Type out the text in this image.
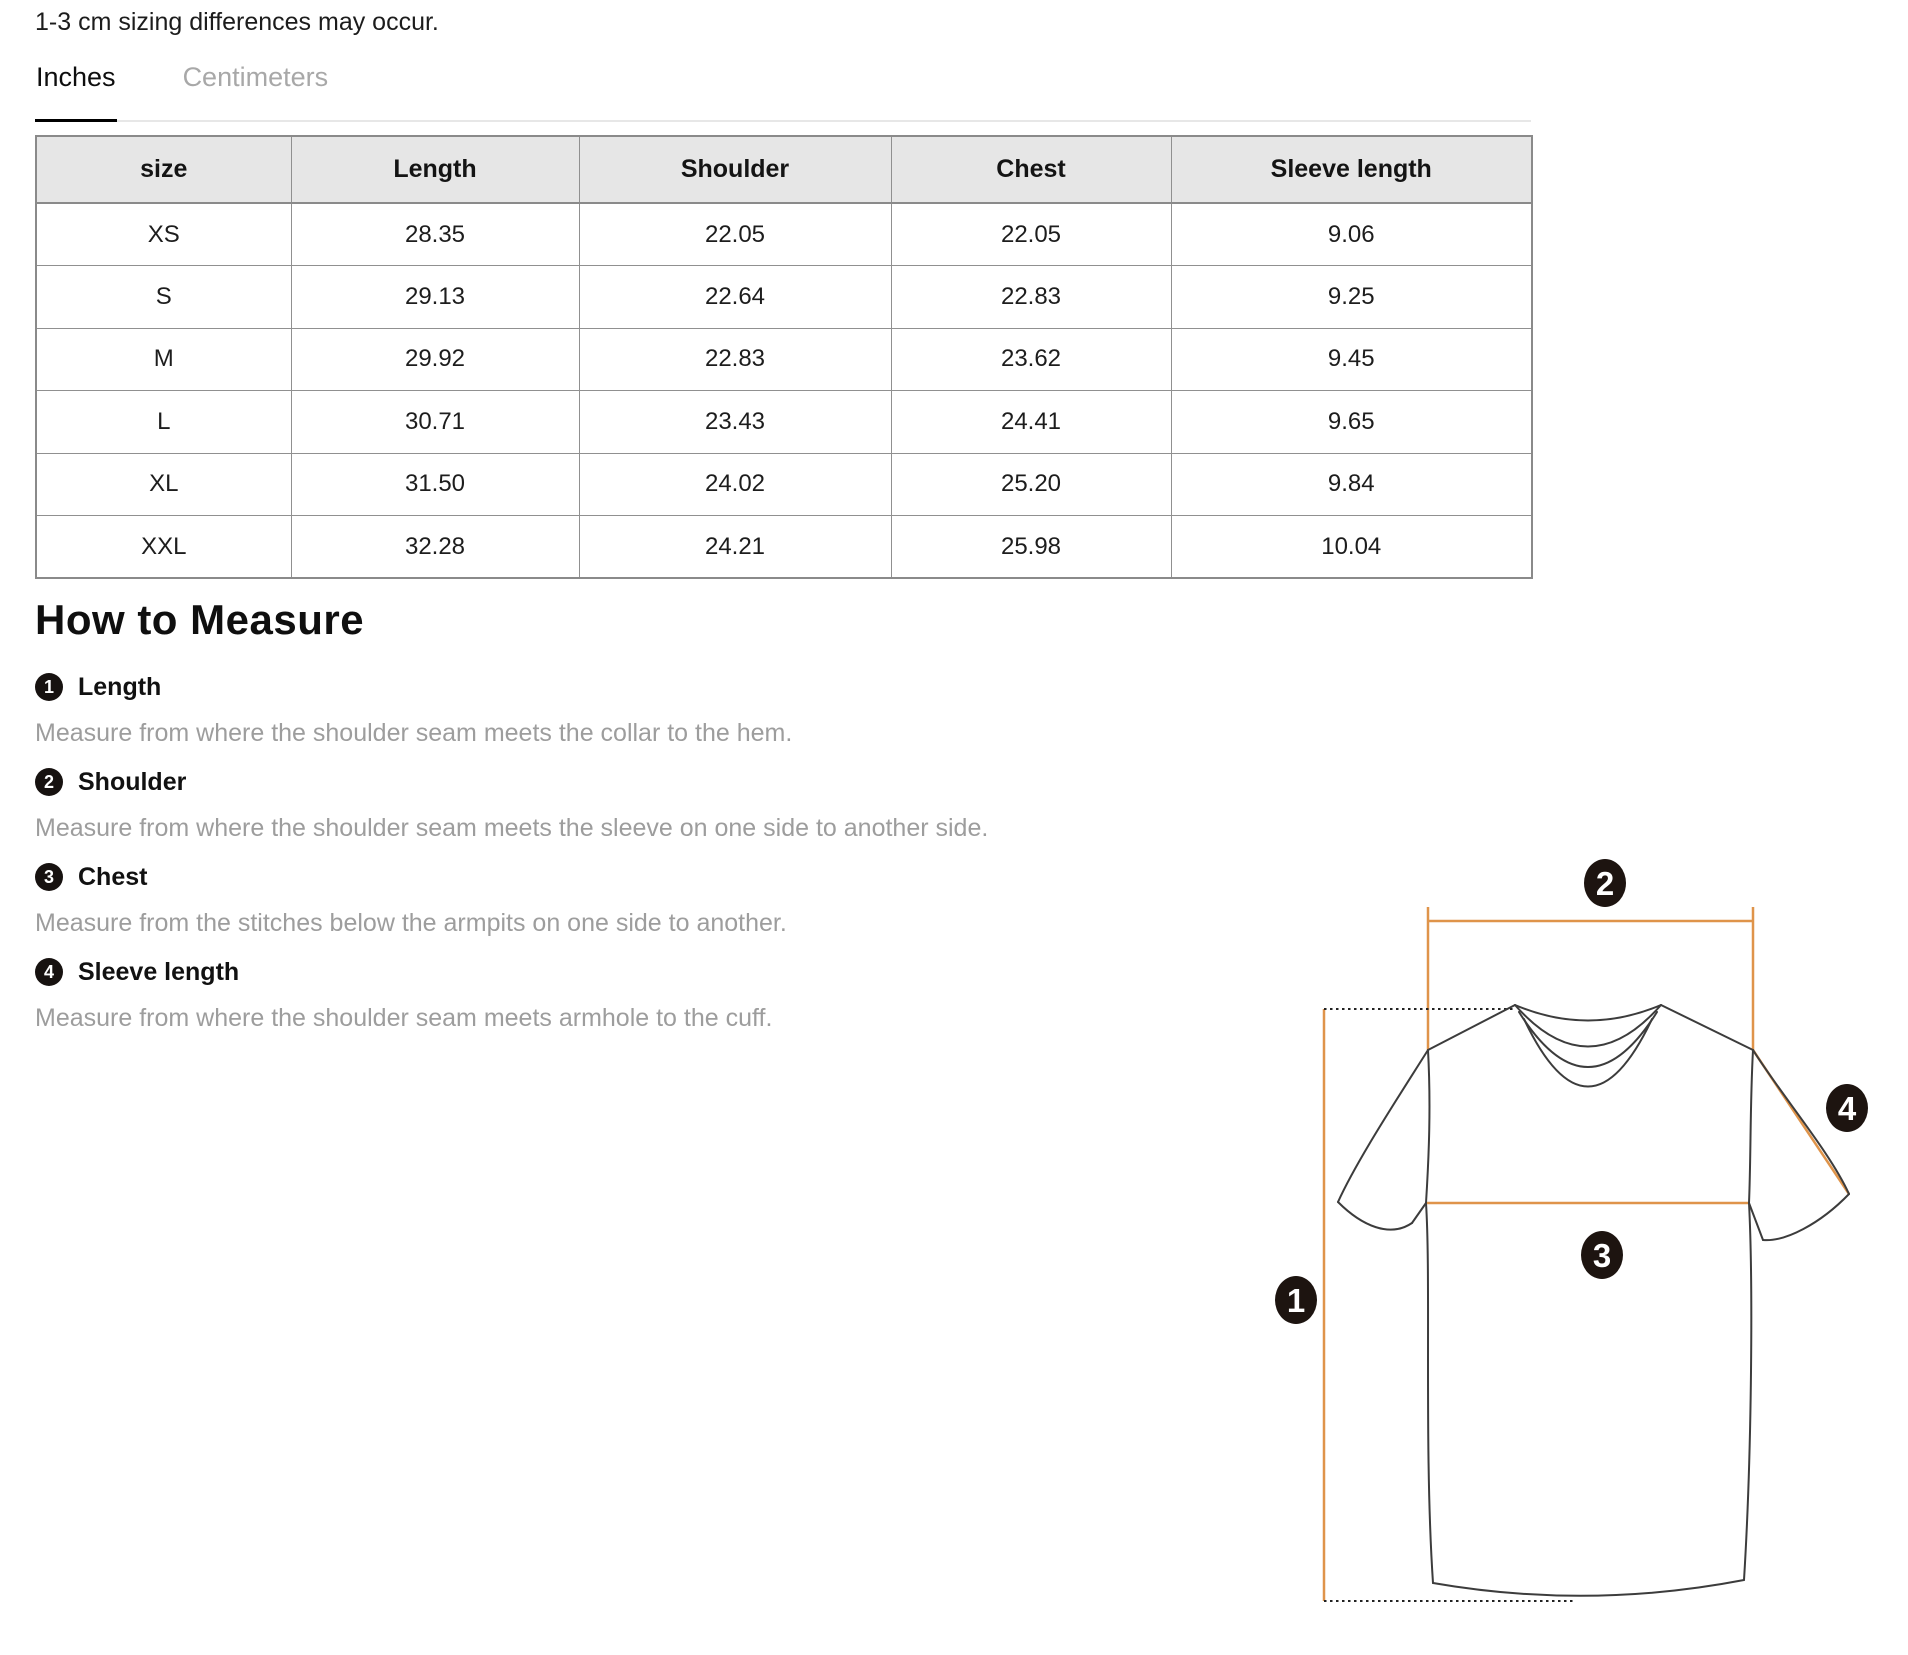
1-3 cm sizing differences may occur.
Inches Centimeters
size	Length	Shoulder	Chest	Sleeve length
XS	28.35	22.05	22.05	9.06
S	29.13	22.64	22.83	9.25
M	29.92	22.83	23.62	9.45
L	30.71	23.43	24.41	9.65
XL	31.50	24.02	25.20	9.84
XXL	32.28	24.21	25.98	10.04
How to Measure
1 Length
Measure from where the shoulder seam meets the collar to the hem.
2 Shoulder
Measure from where the shoulder seam meets the sleeve on one side to another side.
3 Chest
Measure from the stitches below the armpits on one side to another.
4 Sleeve length
Measure from where the shoulder seam meets armhole to the cuff.
1
2
3
4
